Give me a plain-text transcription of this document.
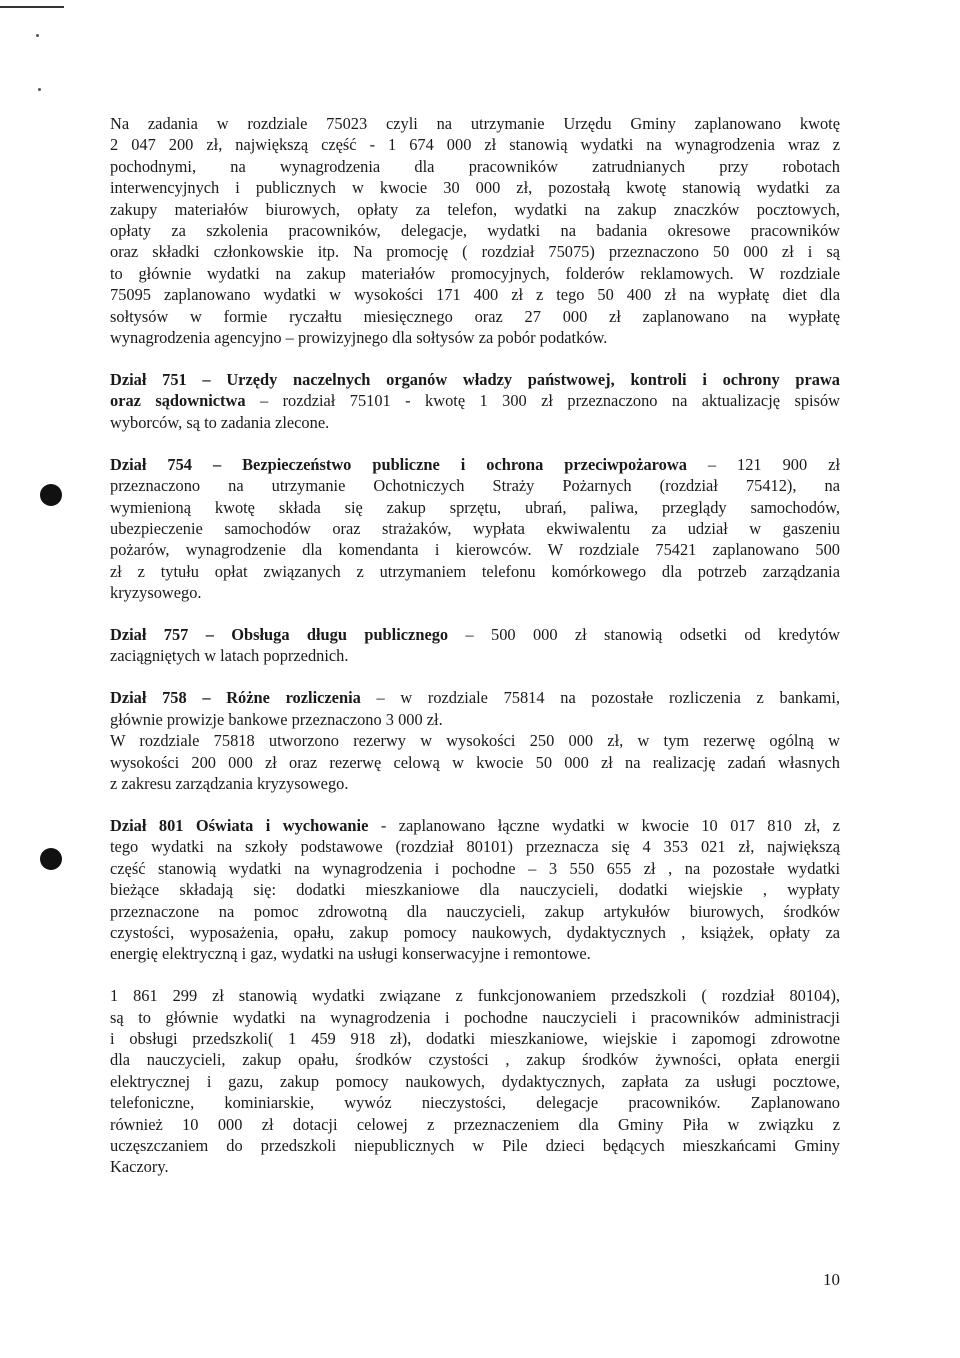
Na zadania w rozdziale 75023 czyli na utrzymanie Urzędu Gminy zaplanowano kwotę
2 047 200 zł, największą część - 1 674 000 zł stanowią wydatki na wynagrodzenia wraz z
pochodnymi, na wynagrodzenia dla pracowników zatrudnianych przy robotach
interwencyjnych i publicznych w kwocie 30 000 zł, pozostałą kwotę stanowią wydatki za
zakupy materiałów biurowych, opłaty za telefon, wydatki na zakup znaczków pocztowych,
opłaty za szkolenia pracowników, delegacje, wydatki na badania okresowe pracowników
oraz składki członkowskie itp. Na promocję ( rozdział 75075) przeznaczono 50 000 zł i są
to głównie wydatki na zakup materiałów promocyjnych, folderów reklamowych. W rozdziale
75095 zaplanowano wydatki w wysokości 171 400 zł z tego 50 400 zł na wypłatę diet dla
sołtysów w formie ryczałtu miesięcznego oraz 27 000 zł zaplanowano na wypłatę
wynagrodzenia agencyjno – prowizyjnego dla sołtysów za pobór podatków.
Dział 751 – Urzędy naczelnych organów władzy państwowej, kontroli i ochrony prawa
oraz sądownictwa – rozdział 75101 - kwotę 1 300 zł przeznaczono na aktualizację spisów
wyborców, są to zadania zlecone.
Dział 754 – Bezpieczeństwo publiczne i ochrona przeciwpożarowa – 121 900 zł
przeznaczono na utrzymanie Ochotniczych Straży Pożarnych (rozdział 75412), na
wymienioną kwotę składa się zakup sprzętu, ubrań, paliwa, przeglądy samochodów,
ubezpieczenie samochodów oraz strażaków, wypłata ekwiwalentu za udział w gaszeniu
pożarów, wynagrodzenie dla komendanta i kierowców. W rozdziale 75421 zaplanowano 500
zł z tytułu opłat związanych z utrzymaniem telefonu komórkowego dla potrzeb zarządzania
kryzysowego.
Dział 757 – Obsługa długu publicznego – 500 000 zł stanowią odsetki od kredytów
zaciągniętych w latach poprzednich.
Dział 758 – Różne rozliczenia – w rozdziale 75814 na pozostałe rozliczenia z bankami,
głównie prowizje bankowe przeznaczono 3 000 zł.
W rozdziale 75818 utworzono rezerwy w wysokości 250 000 zł, w tym rezerwę ogólną w
wysokości 200 000 zł oraz rezerwę celową w kwocie 50 000 zł na realizację zadań własnych
z zakresu zarządzania kryzysowego.
Dział 801 Oświata i wychowanie - zaplanowano łączne wydatki w kwocie 10 017 810 zł, z
tego wydatki na szkoły podstawowe (rozdział 80101) przeznacza się 4 353 021 zł, największą
część stanowią wydatki na wynagrodzenia i pochodne – 3 550 655 zł , na pozostałe wydatki
bieżące składają się: dodatki mieszkaniowe dla nauczycieli, dodatki wiejskie , wypłaty
przeznaczone na pomoc zdrowotną dla nauczycieli, zakup artykułów biurowych, środków
czystości, wyposażenia, opału, zakup pomocy naukowych, dydaktycznych , książek, opłaty za
energię elektryczną i gaz, wydatki na usługi konserwacyjne i remontowe.
1 861 299 zł stanowią wydatki związane z funkcjonowaniem przedszkoli ( rozdział 80104),
są to głównie wydatki na wynagrodzenia i pochodne nauczycieli i pracowników administracji
i obsługi przedszkoli( 1 459 918 zł), dodatki mieszkaniowe, wiejskie i zapomogi zdrowotne
dla nauczycieli, zakup opału, środków czystości , zakup środków żywności, opłata energii
elektrycznej i gazu, zakup pomocy naukowych, dydaktycznych, zapłata za usługi pocztowe,
telefoniczne, kominiarskie, wywóz nieczystości, delegacje pracowników. Zaplanowano
również 10 000 zł dotacji celowej z przeznaczeniem dla Gminy Piła w związku z
uczęszczaniem do przedszkoli niepublicznych w Pile dzieci będących mieszkańcami Gminy
Kaczory.
10
